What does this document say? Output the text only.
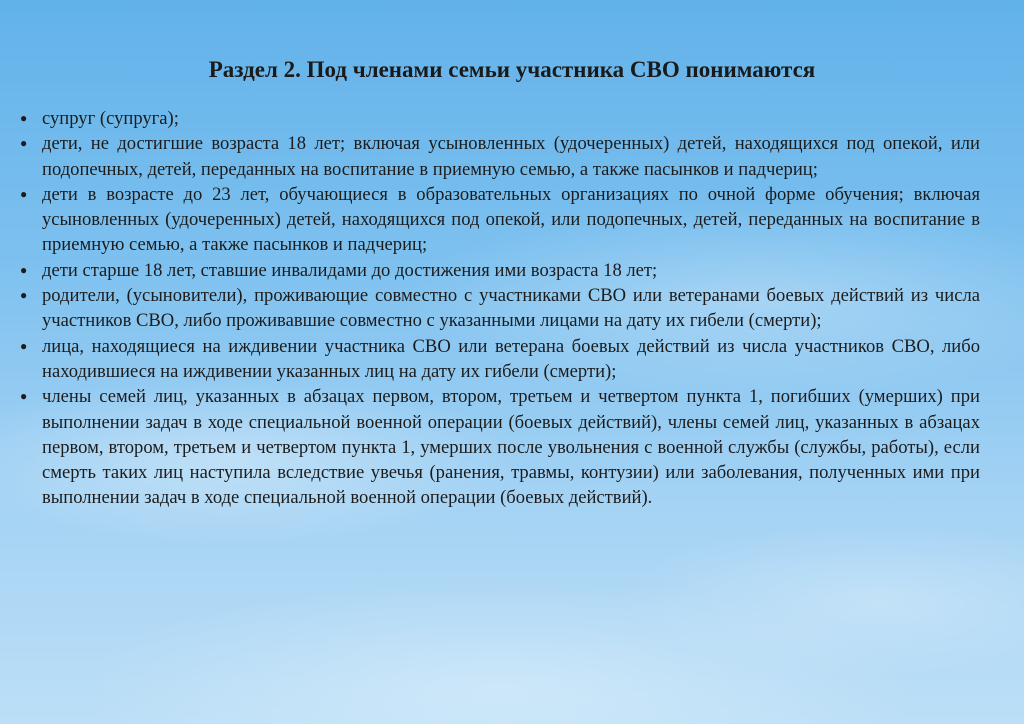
Раздел 2. Под членами семьи участника СВО понимаются
● супруг (супруга);
● дети, не достигшие возраста 18 лет; включая усыновленных (удочеренных) детей, находящихся под опекой, или подопечных, детей, переданных на воспитание в приемную семью, а также пасынков и падчериц;
● дети в возрасте до 23 лет, обучающиеся в образовательных организациях по очной форме обучения; включая усыновленных (удочеренных) детей, находящихся под опекой, или подопечных, детей, переданных на воспитание в приемную семью, а также пасынков и падчериц;
● дети старше 18 лет, ставшие инвалидами до достижения ими возраста 18 лет;
● родители, (усыновители), проживающие совместно с участниками СВО или ветеранами боевых действий из числа участников СВО, либо проживавшие совместно с указанными лицами на дату их гибели (смерти);
● лица, находящиеся на иждивении участника СВО или ветерана боевых действий из числа участников СВО, либо находившиеся на иждивении указанных лиц на дату их гибели (смерти);
● члены семей лиц, указанных в абзацах первом, втором, третьем и четвертом пункта 1, погибших (умерших) при выполнении задач в ходе специальной военной операции (боевых действий), члены семей лиц, указанных в абзацах первом, втором, третьем и четвертом пункта 1, умерших после увольнения с военной службы (службы, работы), если смерть таких лиц наступила вследствие увечья (ранения, травмы, контузии) или заболевания, полученных ими при выполнении задач в ходе специальной военной операции (боевых действий).
